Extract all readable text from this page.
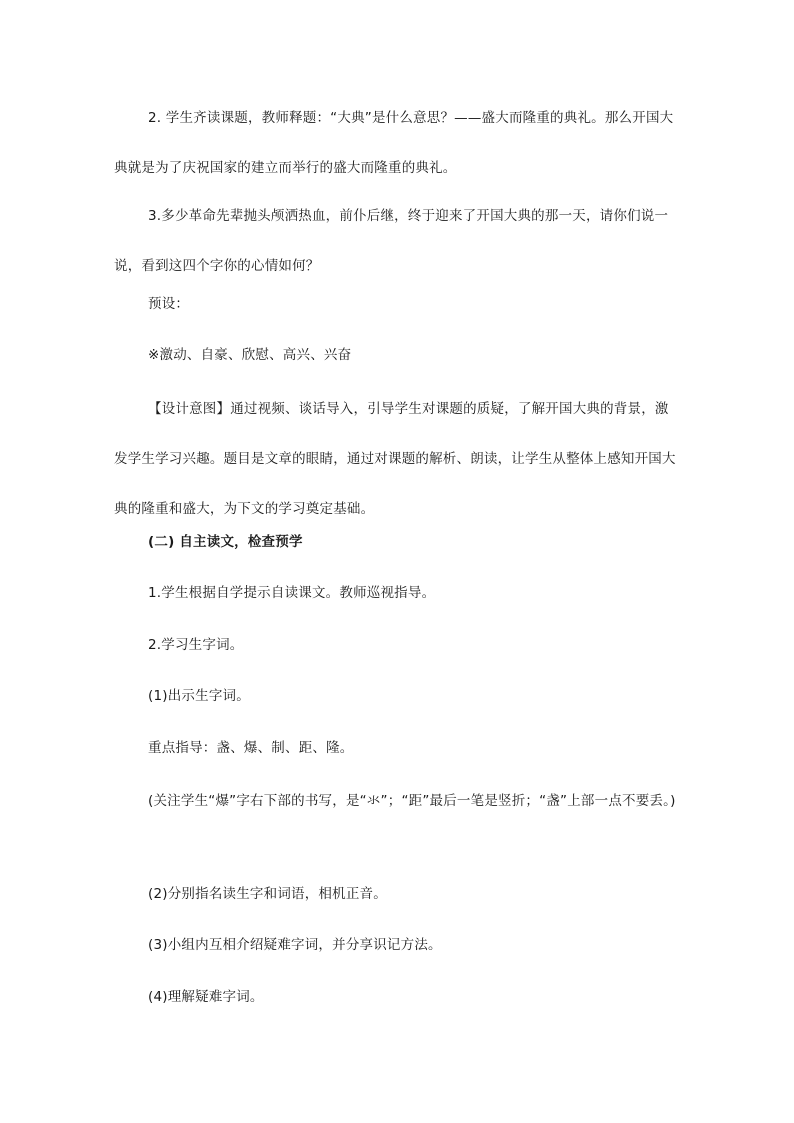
2. 学生齐读课题，教师释题：“大典”是什么意思？——盛大而隆重的典礼。那么开国大典就是为了庆祝国家的建立而举行的盛大而隆重的典礼。

3.多少革命先辈抛头颅洒热血，前仆后继，终于迎来了开国大典的那一天，请你们说一说，看到这四个字你的心情如何？

预设：

※激动、自豪、欣慰、高兴、兴奋

【设计意图】通过视频、谈话导入，引导学生对课题的质疑，了解开国大典的背景，激发学生学习兴趣。题目是文章的眼睛，通过对课题的解析、朗读，让学生从整体上感知开国大典的隆重和盛大，为下文的学习奠定基础。

(二) 自主读文，检查预学

1.学生根据自学提示自读课文。教师巡视指导。

2.学习生字词。

(1)出示生字词。

重点指导：盏、爆、制、距、隆。

(关注学生“爆”字右下部的书写，是“氺”；“距”最后一笔是竖折；“盏”上部一点不要丢。)

(2)分别指名读生字和词语，相机正音。

(3)小组内互相介绍疑难字词，并分享识记方法。

(4)理解疑难字词。
